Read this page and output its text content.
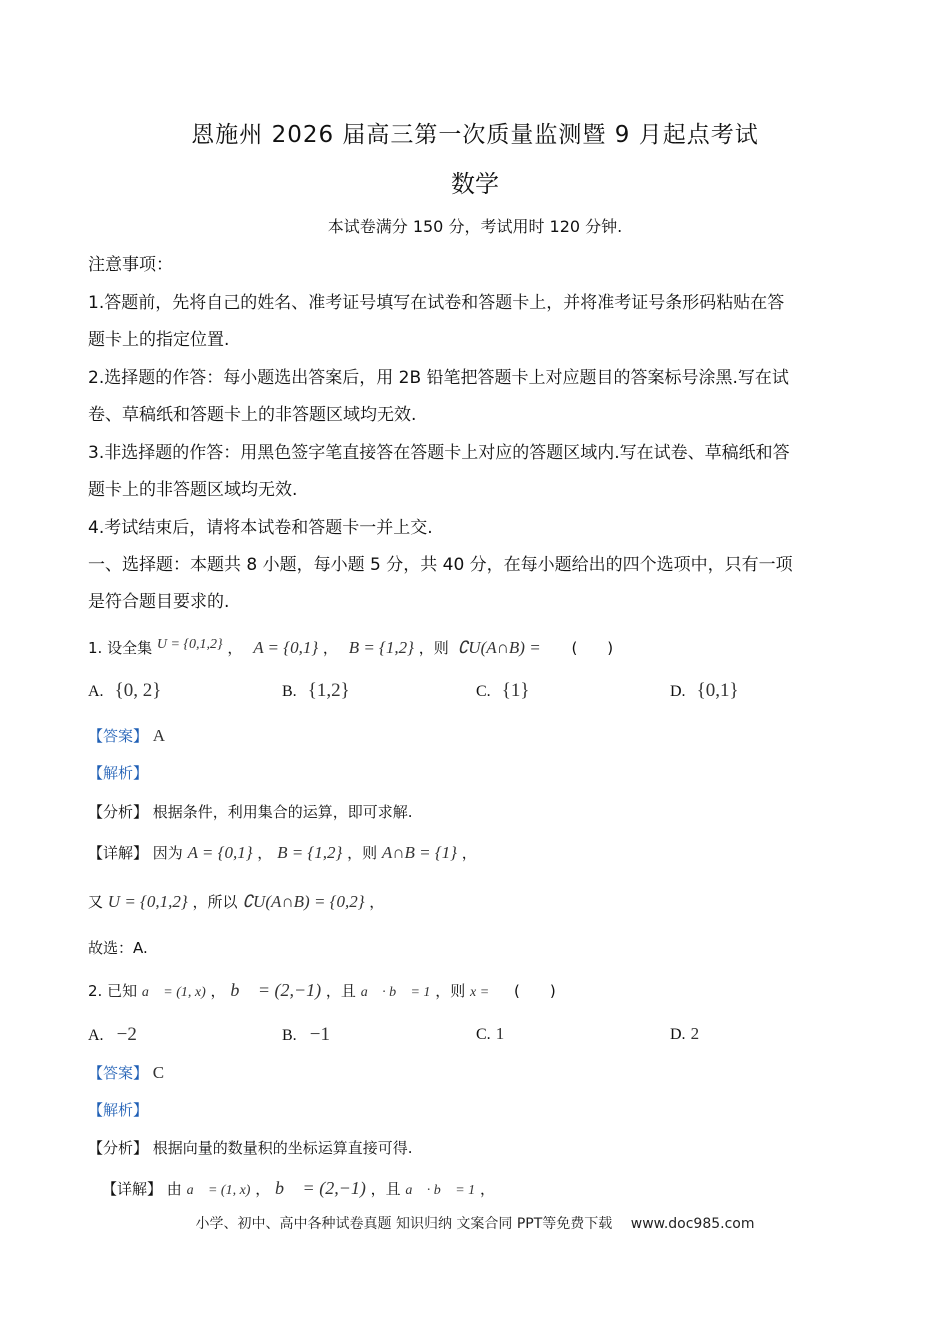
恩施州 2026 届高三第一次质量监测暨 9 月起点考试
数学
本试卷满分 150 分，考试用时 120 分钟.
注意事项：
1.答题前，先将自己的姓名、准考证号填写在试卷和答题卡上，并将准考证号条形码粘贴在答
题卡上的指定位置.
2.选择题的作答：每小题选出答案后，用 2B 铅笔把答题卡上对应题目的答案标号涂黑.写在试
卷、草稿纸和答题卡上的非答题区域均无效.
3.非选择题的作答：用黑色签字笔直接答在答题卡上对应的答题区域内.写在试卷、草稿纸和答
题卡上的非答题区域均无效.
4.考试结束后，请将本试卷和答题卡一并上交.
一、选择题：本题共 8 小题，每小题 5 分，共 40 分，在每小题给出的四个选项中，只有一项
是符合题目要求的.
1. 设全集 U = {0,1,2} ， A = {0,1} ， B = {1,2} ，则 ∁U(A∩B) = (　　)
A. {0, 2}	B. {1,2}	C. {1}	D. {0,1}
【答案】 A
【解析】
【分析】 根据条件，利用集合的运算，即可求解.
【详解】 因为 A = {0,1} ， B = {1,2} ，则 A∩B = {1} ，
又 U = {0,1,2} ，所以 ∁U(A∩B) = {0,2} ，
故选：A.
2. 已知 a⃗ = (1, x) ， b⃗ = (2,−1) ，且 a⃗ · b⃗ = 1 ，则 x = (　　)
A. −2	B. −1	C. 1	D. 2
【答案】 C
【解析】
【分析】 根据向量的数量积的坐标运算直接可得.
【详解】 由 a⃗ = (1, x) ， b⃗ = (2,−1) ，且 a⃗ · b⃗ = 1 ，
小学、初中、高中各种试卷真题 知识归纳 文案合同 PPT等免费下载 www.doc985.com
